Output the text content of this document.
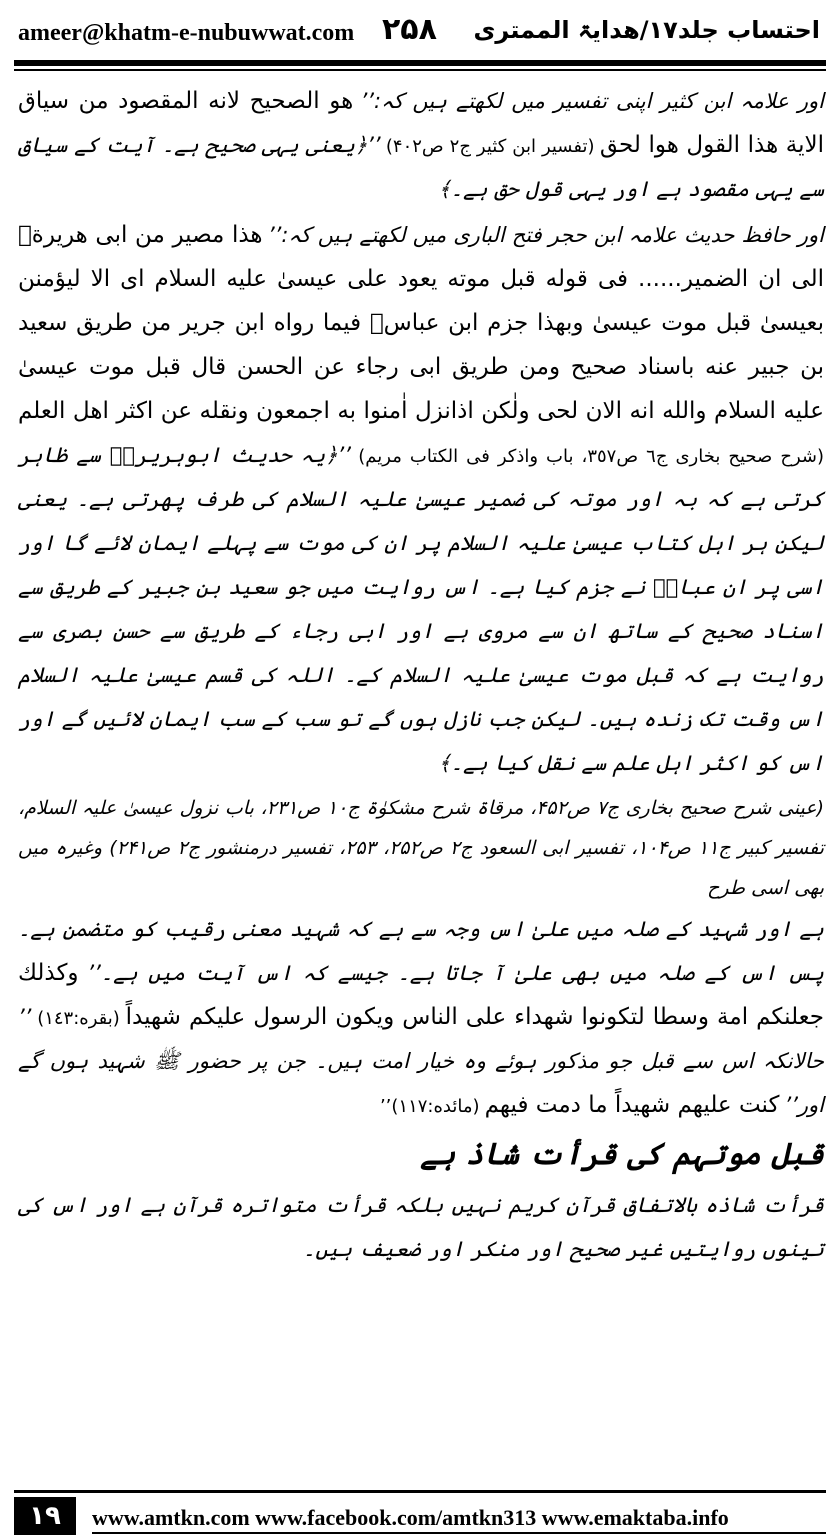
ameer@khatm-e-nubuwwat.com ۲۵۸ احتساب جلد۱۷/ھدایۃ الممتری

اور علامہ ابن کثیر اپنی تفسیر میں لکھتے ہیں کہ:’’ هو الصحيح لانه المقصود من سياق الاية هذا القول هوا لحق (تفسير ابن كثير ج۲ ص۴۰۲) ’’﴿یعنی یہی صحیح ہے۔ آیت کے سیاق سے یہی مقصود ہے اور یہی قول حق ہے۔﴾

اور حافظ حدیث علامہ ابن حجر فتح الباری میں لکھتے ہیں کہ:’’ هذا مصير من ابى هريرةؓ الى ان الضمير...... فى قوله قبل موته يعود على عيسىٰ عليه السلام اى الا ليؤمنن بعيسىٰ قبل موت عيسىٰ وبهذا جزم ابن عباسؓ فيما رواه ابن جرير من طريق سعيد بن جبير عنه باسناد صحيح ومن طريق ابى رجاء عن الحسن قال قبل موت عيسىٰ عليه السلام والله انه الان لحى ولٰكن اذانزل اٰمنوا به اجمعون ونقله عن اكثر اهل العلم (شرح صحيح بخارى ج٦ ص٣٥٧، باب واذكر فى الكتاب مريم) ’’﴿یہ حدیث ابوہریرہؓ سے ظاہر کرتی ہے کہ بہ اور موتہ کی ضمیر عیسیٰ علیہ السلام کی طرف پھرتی ہے۔ یعنی لیکن ہر اہل کتاب عیسیٰ علیہ السلام پر ان کی موت سے پہلے ایمان لائے گا اور اسی پر ان عباسؓ نے جزم کیا ہے۔ اس روایت میں جو سعید بن جبیر کے طریق سے اسناد صحیح کے ساتھ ان سے مروی ہے اور ابی رجاء کے طریق سے حسن بصری سے روایت ہے کہ قبل موت عیسیٰ علیہ السلام کے۔ اللہ کی قسم عیسیٰ علیہ السلام اس وقت تک زندہ ہیں۔ لیکن جب نازل ہوں گے تو سب کے سب ایمان لائیں گے اور اس کو اکثر اہل علم سے نقل کیا ہے۔﴾

(عینی شرح صحیح بخاری ج۷ ص۴۵۲، مرقاۃ شرح مشکوٰۃ ج۱۰ ص۲۳۱، باب نزول عیسیٰ علیہ السلام، تفسیر کبیر ج۱۱ ص۱۰۴، تفسیر ابی السعود ج۲ ص۲۵۲، ۲۵۳، تفسیر درمنشور ج۲ ص۲۴۱) وغیرہ میں بھی اسی طرح

ہے اور شہید کے صلہ میں علیٰ اس وجہ سے ہے کہ شہید معنی رقیب کو متضمن ہے۔ پس اس کے صلہ میں بھی علیٰ آ جاتا ہے۔ جیسے کہ اس آیت میں ہے۔’’ وكذلك جعلنكم امة وسطا لتكونوا شهداء على الناس ويكون الرسول عليكم شهيداً (بقره:١٤٣) ’’ حالانکہ اس سے قبل جو مذکور ہوئے وہ خیار امت ہیں۔ جن پر حضور ﷺ شہید ہوں گے اور’’ كنت عليهم شهيداً ما دمت فيهم (مائده:١١٧)’’

قبل موتہم کی قرأت شاذ ہے

قرأت شاذہ بالاتفاق قرآن کریم نہیں بلکہ قرأت متواترہ قرآن ہے اور اس کی تینوں روایتیں غیر صحیح اور منکر اور ضعیف ہیں۔

١٩	www.amtkn.com www.facebook.com/amtkn313 www.emaktaba.info
